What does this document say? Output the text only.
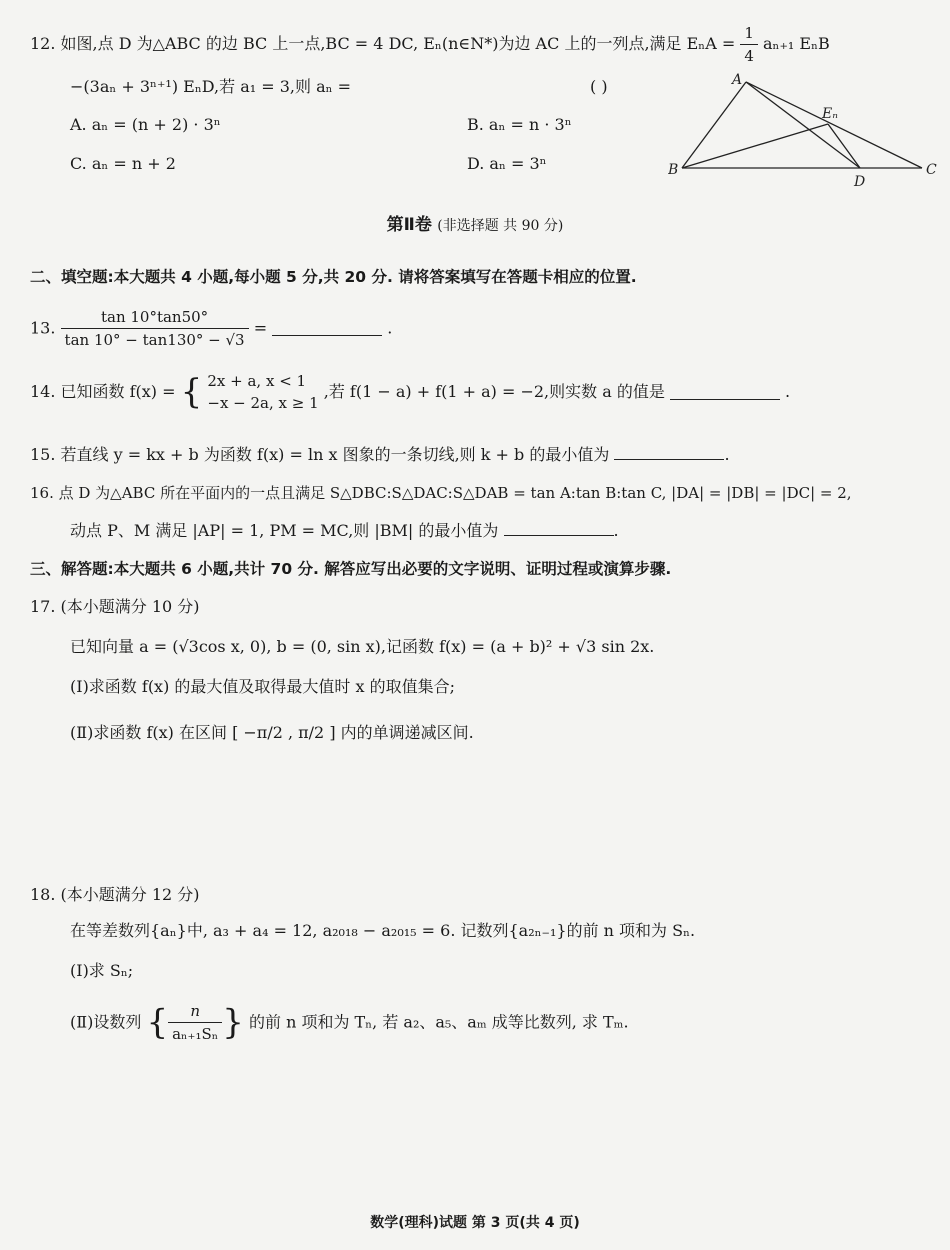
12. 如图,点 D 为△ABC 的边 BC 上一点,BC = 4 DC, Eₙ(n∈N*)为边 AC 上的一列点,满足 $E_nA = \frac{1}{4} a_{n+1}$ EₙB
−(3aₙ + 3ⁿ⁺¹) EₙD,若 a₁ = 3,则 aₙ =	( )
A. aₙ = (n + 2) · 3ⁿ	B. aₙ = n · 3ⁿ
C. aₙ = n + 2	D. aₙ = 3ⁿ
A
B	C
D
Eₙ
第Ⅱ卷 (非选择题 共 90 分)
二、填空题:本大题共 4 小题,每小题 5 分,共 20 分. 请将答案填写在答题卡相应的位置.
13. $\frac{\tan 10^\circ\tan 50^\circ}{\tan 10^\circ - \tan 130^\circ - √3}$ =	.
14. 已知函数 f(x) = { 2x + a, x < 1
−x − 2a, x ≥ 1
,若 f(1 − a) + f(1 + a) = −2,则实数 a 的值是	.
15. 若直线 y = kx + b 为函数 f(x) = ln x 图象的一条切线,则 k + b 的最小值为	.
16. 点 D 为△ABC 所在平面内的一点且满足 S△DBC:S△DAC:S△DAB = tan A:tan B:tan C, |DA| = |DB| = |DC| = 2,
动点 P、M 满足 |AP| = 1, PM = MC,则 |BM| 的最小值为	.
三、解答题:本大题共 6 小题,共计 70 分. 解答应写出必要的文字说明、证明过程或演算步骤.
17. (本小题满分 10 分)
已知向量 a = (√3cos x, 0), b = (0, sin x),记函数 f(x) = (a + b)² + √3 sin 2x.
(Ⅰ)求函数 f(x) 的最大值及取得最大值时 x 的取值集合;
(Ⅱ)求函数 f(x) 在区间 [ −π/2 , π/2 ] 内的单调递减区间.
18. (本小题满分 12 分)
在等差数列{aₙ}中, a₃ + a₄ = 12, a₂₀₁₈ − a₂₀₁₅ = 6. 记数列{a₂ₙ₋₁}的前 n 项和为 Sₙ.
(Ⅰ)求 Sₙ;
(Ⅱ)设数列 { $\frac{n}{\text{aₙ₊₁Sₙ}}$ } 的前 n 项和为 Tₙ, 若 a₂、a₅、aₘ 成等比数列, 求 Tₘ.
数学(理科)试题 第 3 页(共 4 页)
